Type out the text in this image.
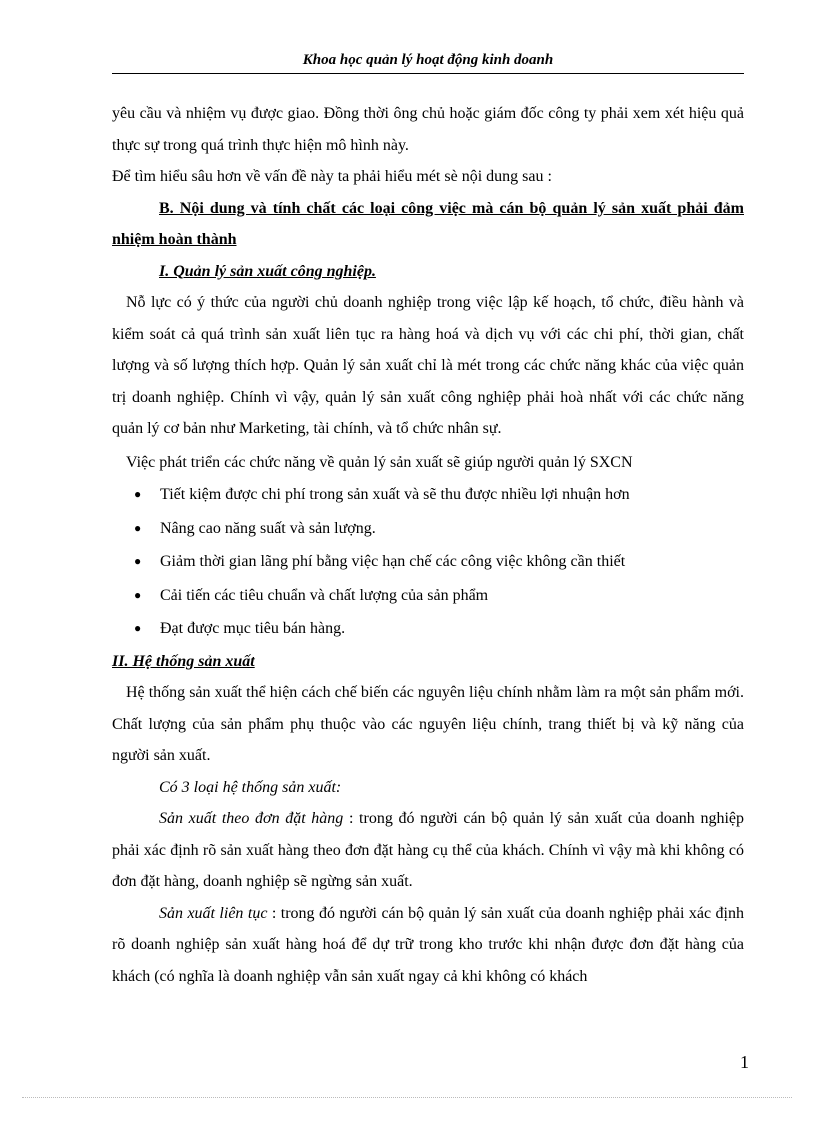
Khoa học quản lý hoạt động kinh doanh

yêu cầu và nhiệm vụ được giao. Đồng thời ông chủ hoặc giám đốc công ty phải xem xét hiệu quả thực sự trong quá trình thực hiện mô hình này.

Để tìm hiểu sâu hơn về vấn đề này ta phải hiểu mét sè nội dung sau :

B. Nội dung và tính chất các loại công việc mà cán bộ quản lý sản xuất phải đảm nhiệm hoàn thành

I. Quản lý sản xuất công nghiệp.

Nỗ lực có ý thức của người chủ doanh nghiệp trong việc lập kế hoạch, tổ chức, điều hành và kiểm soát cả quá trình sản xuất liên tục ra hàng hoá và dịch vụ với các chi phí, thời gian, chất lượng và số lượng thích hợp. Quản lý sản xuất chỉ là mét trong các chức năng khác của việc quản trị doanh nghiệp. Chính vì vậy, quản lý sản xuất công nghiệp phải hoà nhất với các chức năng quản lý cơ bản như Marketing, tài chính, và tổ chức nhân sự.

Việc phát triển các chức năng về quản lý sản xuất sẽ giúp người quản lý SXCN

● Tiết kiệm được chi phí trong sản xuất và sẽ thu được nhiều lợi nhuận hơn
● Nâng cao năng suất và sản lượng.
● Giảm thời gian lãng phí bằng việc hạn chế các công việc không cần thiết
● Cải tiến các tiêu chuẩn và chất lượng của sản phẩm
● Đạt được mục tiêu bán hàng.

II. Hệ thống sản xuất

Hệ thống sản xuất thể hiện cách chế biến các nguyên liệu chính nhằm làm ra một sản phẩm mới. Chất lượng của sản phẩm phụ thuộc vào các nguyên liệu chính, trang thiết bị và kỹ năng của người sản xuất.

Có 3 loại hệ thống sản xuất:

Sản xuất theo đơn đặt hàng : trong đó người cán bộ quản lý sản xuất của doanh nghiệp phải xác định rõ sản xuất hàng theo đơn đặt hàng cụ thể của khách. Chính vì vậy mà khi không có đơn đặt hàng, doanh nghiệp sẽ ngừng sản xuất.

Sản xuất liên tục : trong đó người cán bộ quản lý sản xuất của doanh nghiệp phải xác định rõ doanh nghiệp sản xuất hàng hoá để dự trữ trong kho trước khi nhận được đơn đặt hàng của khách (có nghĩa là doanh nghiệp vẫn sản xuất ngay cả khi không có khách

1
